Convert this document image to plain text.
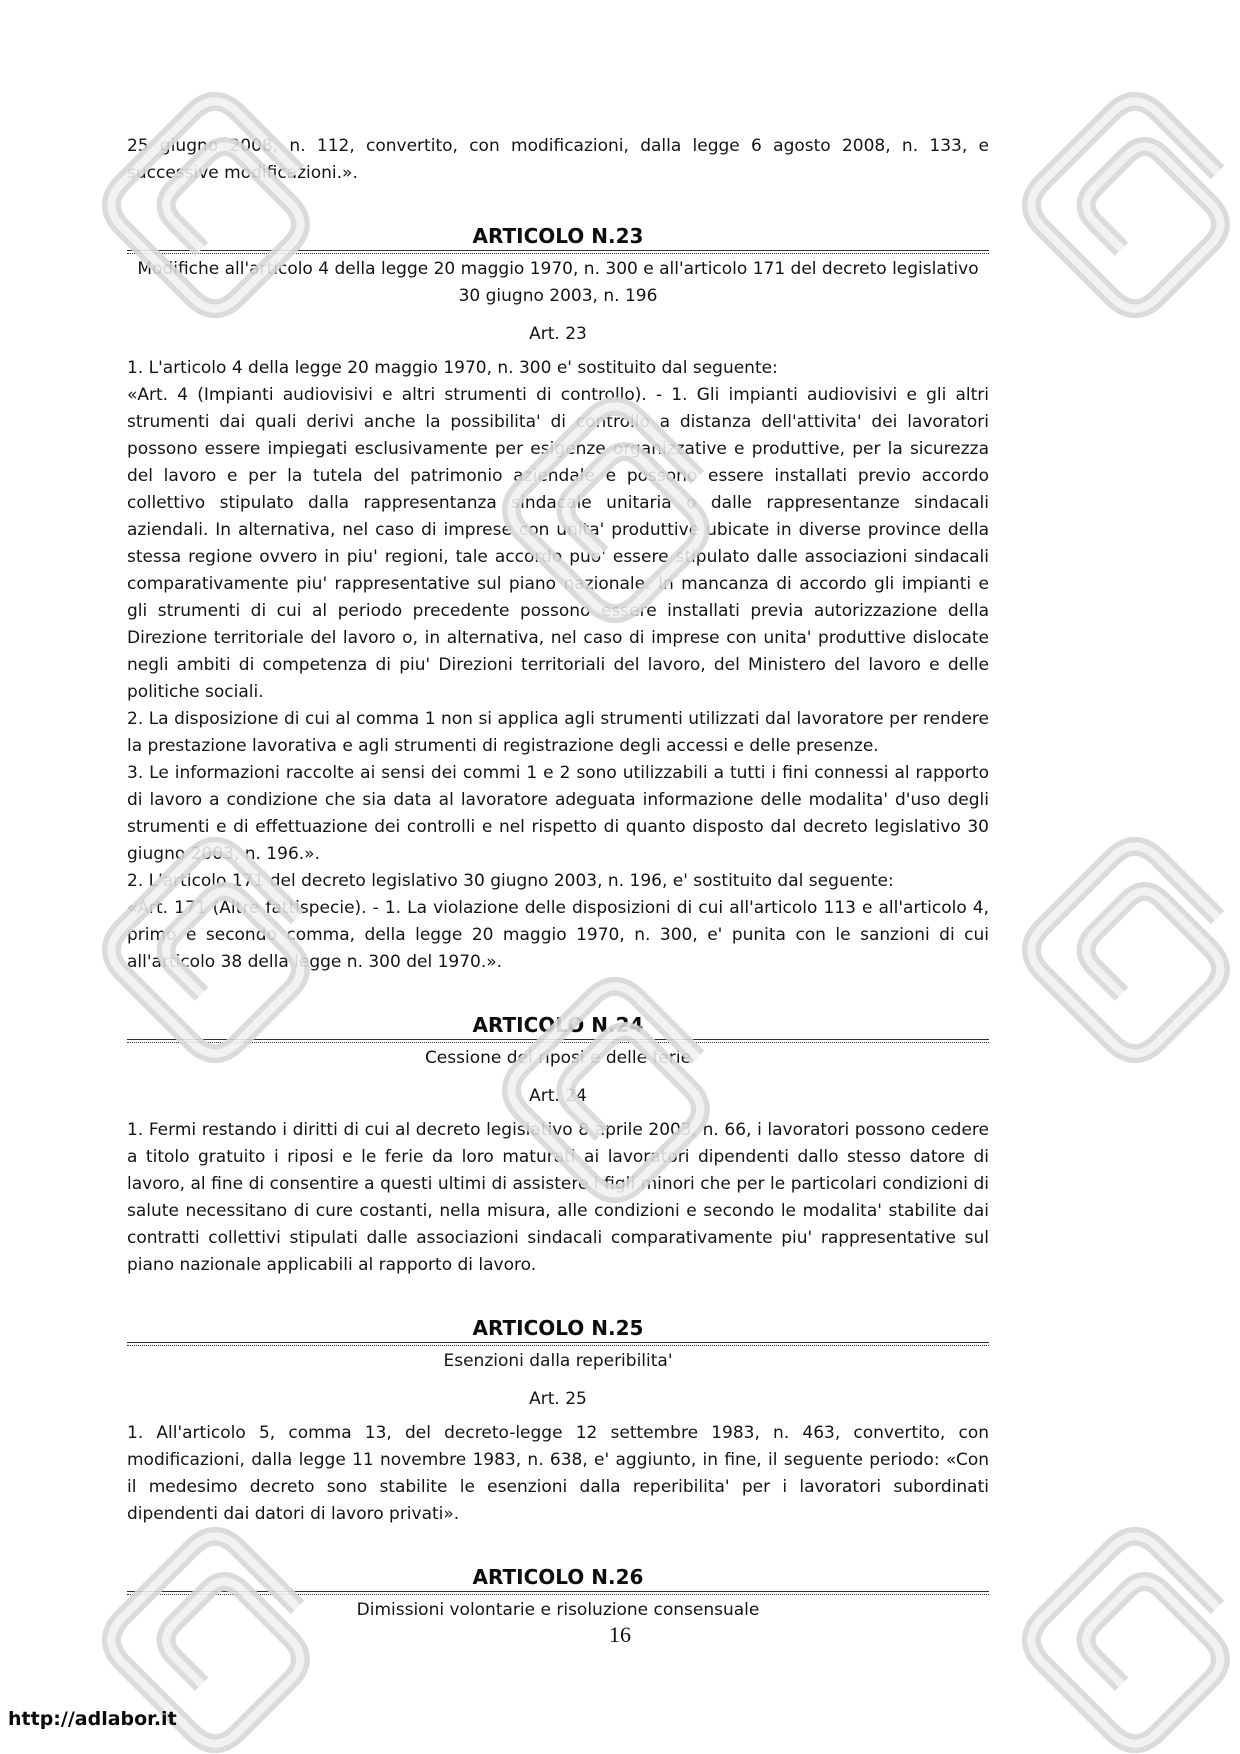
25 giugno 2008, n. 112, convertito, con modificazioni, dalla legge 6 agosto 2008, n. 133, e successive modificazioni.».

ARTICOLO N.23

Modifiche all'articolo 4 della legge 20 maggio 1970, n. 300 e all'articolo 171 del decreto legislativo 30 giugno 2003, n. 196

Art. 23

1. L'articolo 4 della legge 20 maggio 1970, n. 300 e' sostituito dal seguente:

«Art. 4 (Impianti audiovisivi e altri strumenti di controllo). - 1. Gli impianti audiovisivi e gli altri strumenti dai quali derivi anche la possibilita' di controllo a distanza dell'attivita' dei lavoratori possono essere impiegati esclusivamente per esigenze organizzative e produttive, per la sicurezza del lavoro e per la tutela del patrimonio aziendale e possono essere installati previo accordo collettivo stipulato dalla rappresentanza sindacale unitaria o dalle rappresentanze sindacali aziendali. In alternativa, nel caso di imprese con unita' produttive ubicate in diverse province della stessa regione ovvero in piu' regioni, tale accordo puo' essere stipulato dalle associazioni sindacali comparativamente piu' rappresentative sul piano nazionale. In mancanza di accordo gli impianti e gli strumenti di cui al periodo precedente possono essere installati previa autorizzazione della Direzione territoriale del lavoro o, in alternativa, nel caso di imprese con unita' produttive dislocate negli ambiti di competenza di piu' Direzioni territoriali del lavoro, del Ministero del lavoro e delle politiche sociali.

2. La disposizione di cui al comma 1 non si applica agli strumenti utilizzati dal lavoratore per rendere la prestazione lavorativa e agli strumenti di registrazione degli accessi e delle presenze.

3. Le informazioni raccolte ai sensi dei commi 1 e 2 sono utilizzabili a tutti i fini connessi al rapporto di lavoro a condizione che sia data al lavoratore adeguata informazione delle modalita' d'uso degli strumenti e di effettuazione dei controlli e nel rispetto di quanto disposto dal decreto legislativo 30 giugno 2003, n. 196.».

2. L'articolo 171 del decreto legislativo 30 giugno 2003, n. 196, e' sostituito dal seguente:

«Art. 171 (Altre fattispecie). - 1. La violazione delle disposizioni di cui all'articolo 113 e all'articolo 4, primo e secondo comma, della legge 20 maggio 1970, n. 300, e' punita con le sanzioni di cui all'articolo 38 della legge n. 300 del 1970.».

ARTICOLO N.24

Cessione dei riposi e delle ferie

Art. 24

1. Fermi restando i diritti di cui al decreto legislativo 8 aprile 2003, n. 66, i lavoratori possono cedere a titolo gratuito i riposi e le ferie da loro maturati ai lavoratori dipendenti dallo stesso datore di lavoro, al fine di consentire a questi ultimi di assistere i figli minori che per le particolari condizioni di salute necessitano di cure costanti, nella misura, alle condizioni e secondo le modalita' stabilite dai contratti collettivi stipulati dalle associazioni sindacali comparativamente piu' rappresentative sul piano nazionale applicabili al rapporto di lavoro.

ARTICOLO N.25

Esenzioni dalla reperibilita'

Art. 25

1. All'articolo 5, comma 13, del decreto-legge 12 settembre 1983, n. 463, convertito, con modificazioni, dalla legge 11 novembre 1983, n. 638, e' aggiunto, in fine, il seguente periodo: «Con il medesimo decreto sono stabilite le esenzioni dalla reperibilita' per i lavoratori subordinati dipendenti dai datori di lavoro privati».

ARTICOLO N.26

Dimissioni volontarie e risoluzione consensuale

16
http://adlabor.it
